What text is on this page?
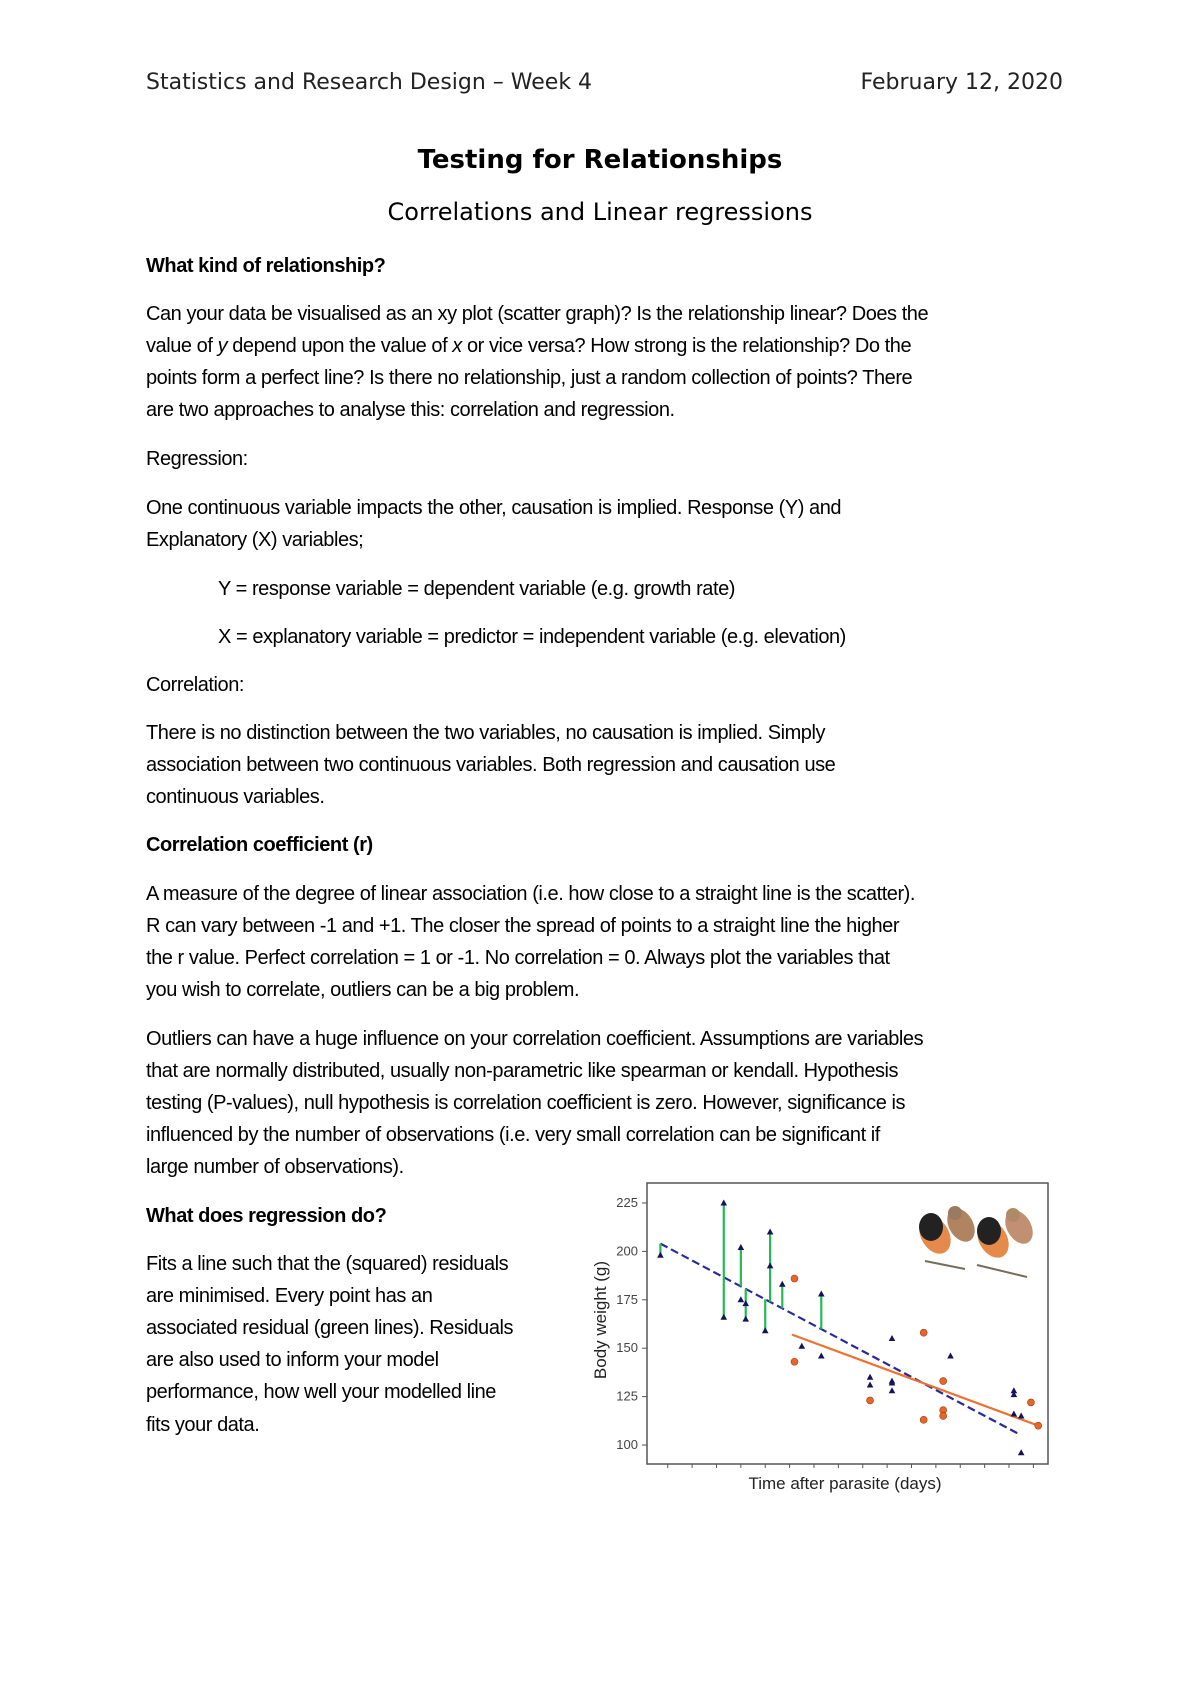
Statistics and Research Design – Week 4	February 12, 2020
Testing for Relationships
Correlations and Linear regressions
What kind of relationship?
Can your data be visualised as an xy plot (scatter graph)? Is the relationship linear? Does the
value of y depend upon the value of x or vice versa? How strong is the relationship? Do the
points form a perfect line? Is there no relationship, just a random collection of points? There
are two approaches to analyse this: correlation and regression.
Regression:
One continuous variable impacts the other, causation is implied. Response (Y) and
Explanatory (X) variables;
Y = response variable = dependent variable (e.g. growth rate)
X = explanatory variable = predictor = independent variable (e.g. elevation)
Correlation:
There is no distinction between the two variables, no causation is implied. Simply
association between two continuous variables. Both regression and causation use
continuous variables.
Correlation coefficient (r)
A measure of the degree of linear association (i.e. how close to a straight line is the scatter).
R can vary between -1 and +1. The closer the spread of points to a straight line the higher
the r value. Perfect correlation = 1 or -1. No correlation = 0. Always plot the variables that
you wish to correlate, outliers can be a big problem.
Outliers can have a huge influence on your correlation coefficient. Assumptions are variables
that are normally distributed, usually non-parametric like spearman or kendall. Hypothesis
testing (P-values), null hypothesis is correlation coefficient is zero. However, significance is
influenced by the number of observations (i.e. very small correlation can be significant if
large number of observations).
What does regression do?
Fits a line such that the (squared) residuals
are minimised. Every point has an
associated residual (green lines). Residuals
are also used to inform your model
performance, how well your modelled line
fits your data.
100
125
150
175
200
225
Time after parasite (days)
Body weight (g)
